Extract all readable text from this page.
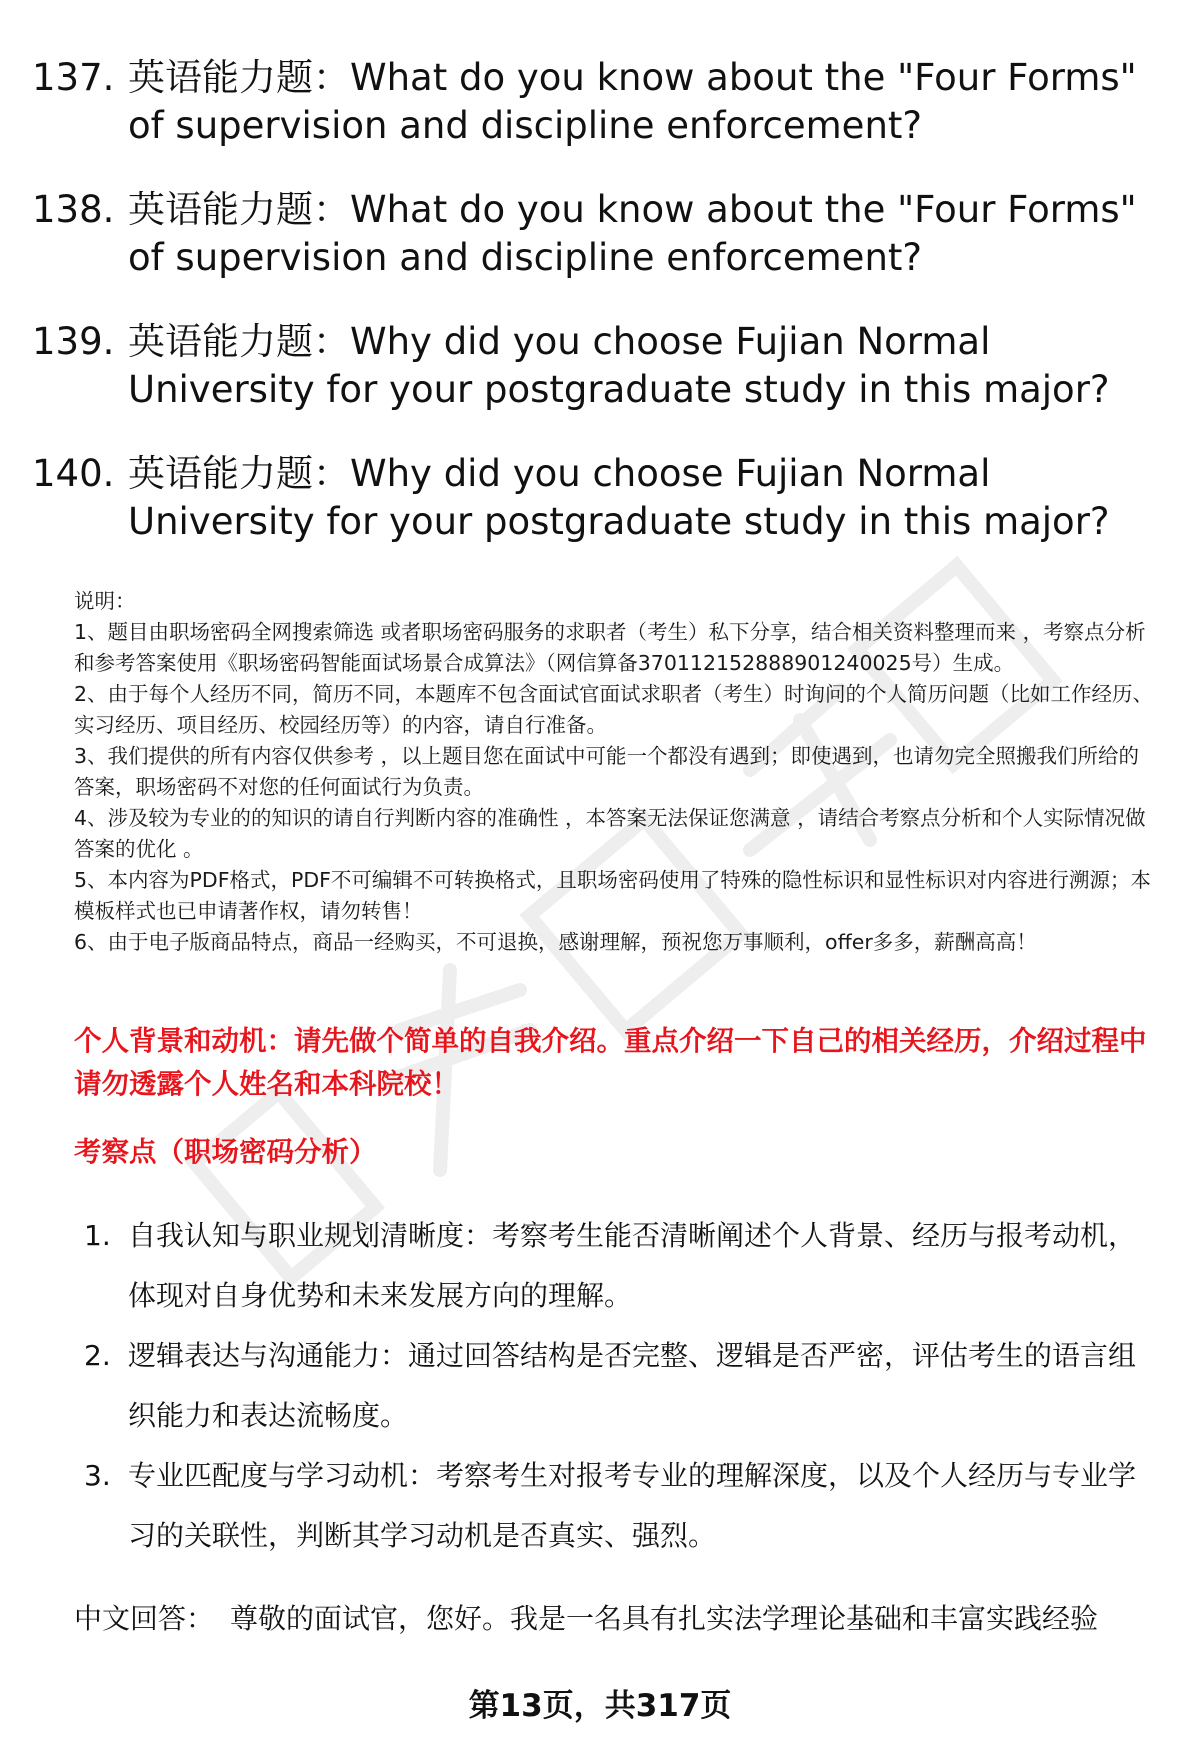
137. 英语能力题：What do you know about the "Four Forms" of supervision and discipline enforcement?
138. 英语能力题：What do you know about the "Four Forms" of supervision and discipline enforcement?
139. 英语能力题：Why did you choose Fujian Normal University for your postgraduate study in this major?
140. 英语能力题：Why did you choose Fujian Normal University for your postgraduate study in this major?

说明：

1、题目由职场密码全网搜索筛选 或者职场密码服务的求职者（考生）私下分享，结合相关资料整理而来 ，考察点分析和参考答案使用《职场密码智能面试场景合成算法》（网信算备370112152888901240025号）生成。

2、由于每个人经历不同，简历不同，本题库不包含面试官面试求职者（考生）时询问的个人简历问题（比如工作经历、实习经历、项目经历、校园经历等）的内容，请自行准备。

3、我们提供的所有内容仅供参考 ，以上题目您在面试中可能一个都没有遇到；即使遇到，也请勿完全照搬我们所给的答案，职场密码不对您的任何面试行为负责。

4、涉及较为专业的的知识的请自行判断内容的准确性 ，本答案无法保证您满意 ，请结合考察点分析和个人实际情况做答案的优化 。

5、本内容为PDF格式，PDF不可编辑不可转换格式，且职场密码使用了特殊的隐性标识和显性标识对内容进行溯源；本模板样式也已申请著作权，请勿转售！

6、由于电子版商品特点，商品一经购买，不可退换，感谢理解，预祝您万事顺利，offer多多，薪酬高高！

个人背景和动机：请先做个简单的自我介绍。重点介绍一下自己的相关经历，介绍过程中请勿透露个人姓名和本科院校！
考察点（职场密码分析）
1. 自我认知与职业规划清晰度：考察考生能否清晰阐述个人背景、经历与报考动机，体现对自身优势和未来发展方向的理解。
2. 逻辑表达与沟通能力：通过回答结构是否完整、逻辑是否严密，评估考生的语言组织能力和表达流畅度。
3. 专业匹配度与学习动机：考察考生对报考专业的理解深度，以及个人经历与专业学习的关联性，判断其学习动机是否真实、强烈。
中文回答： 尊敬的面试官，您好。我是一名具有扎实法学理论基础和丰富实践经验
第13页，共317页
